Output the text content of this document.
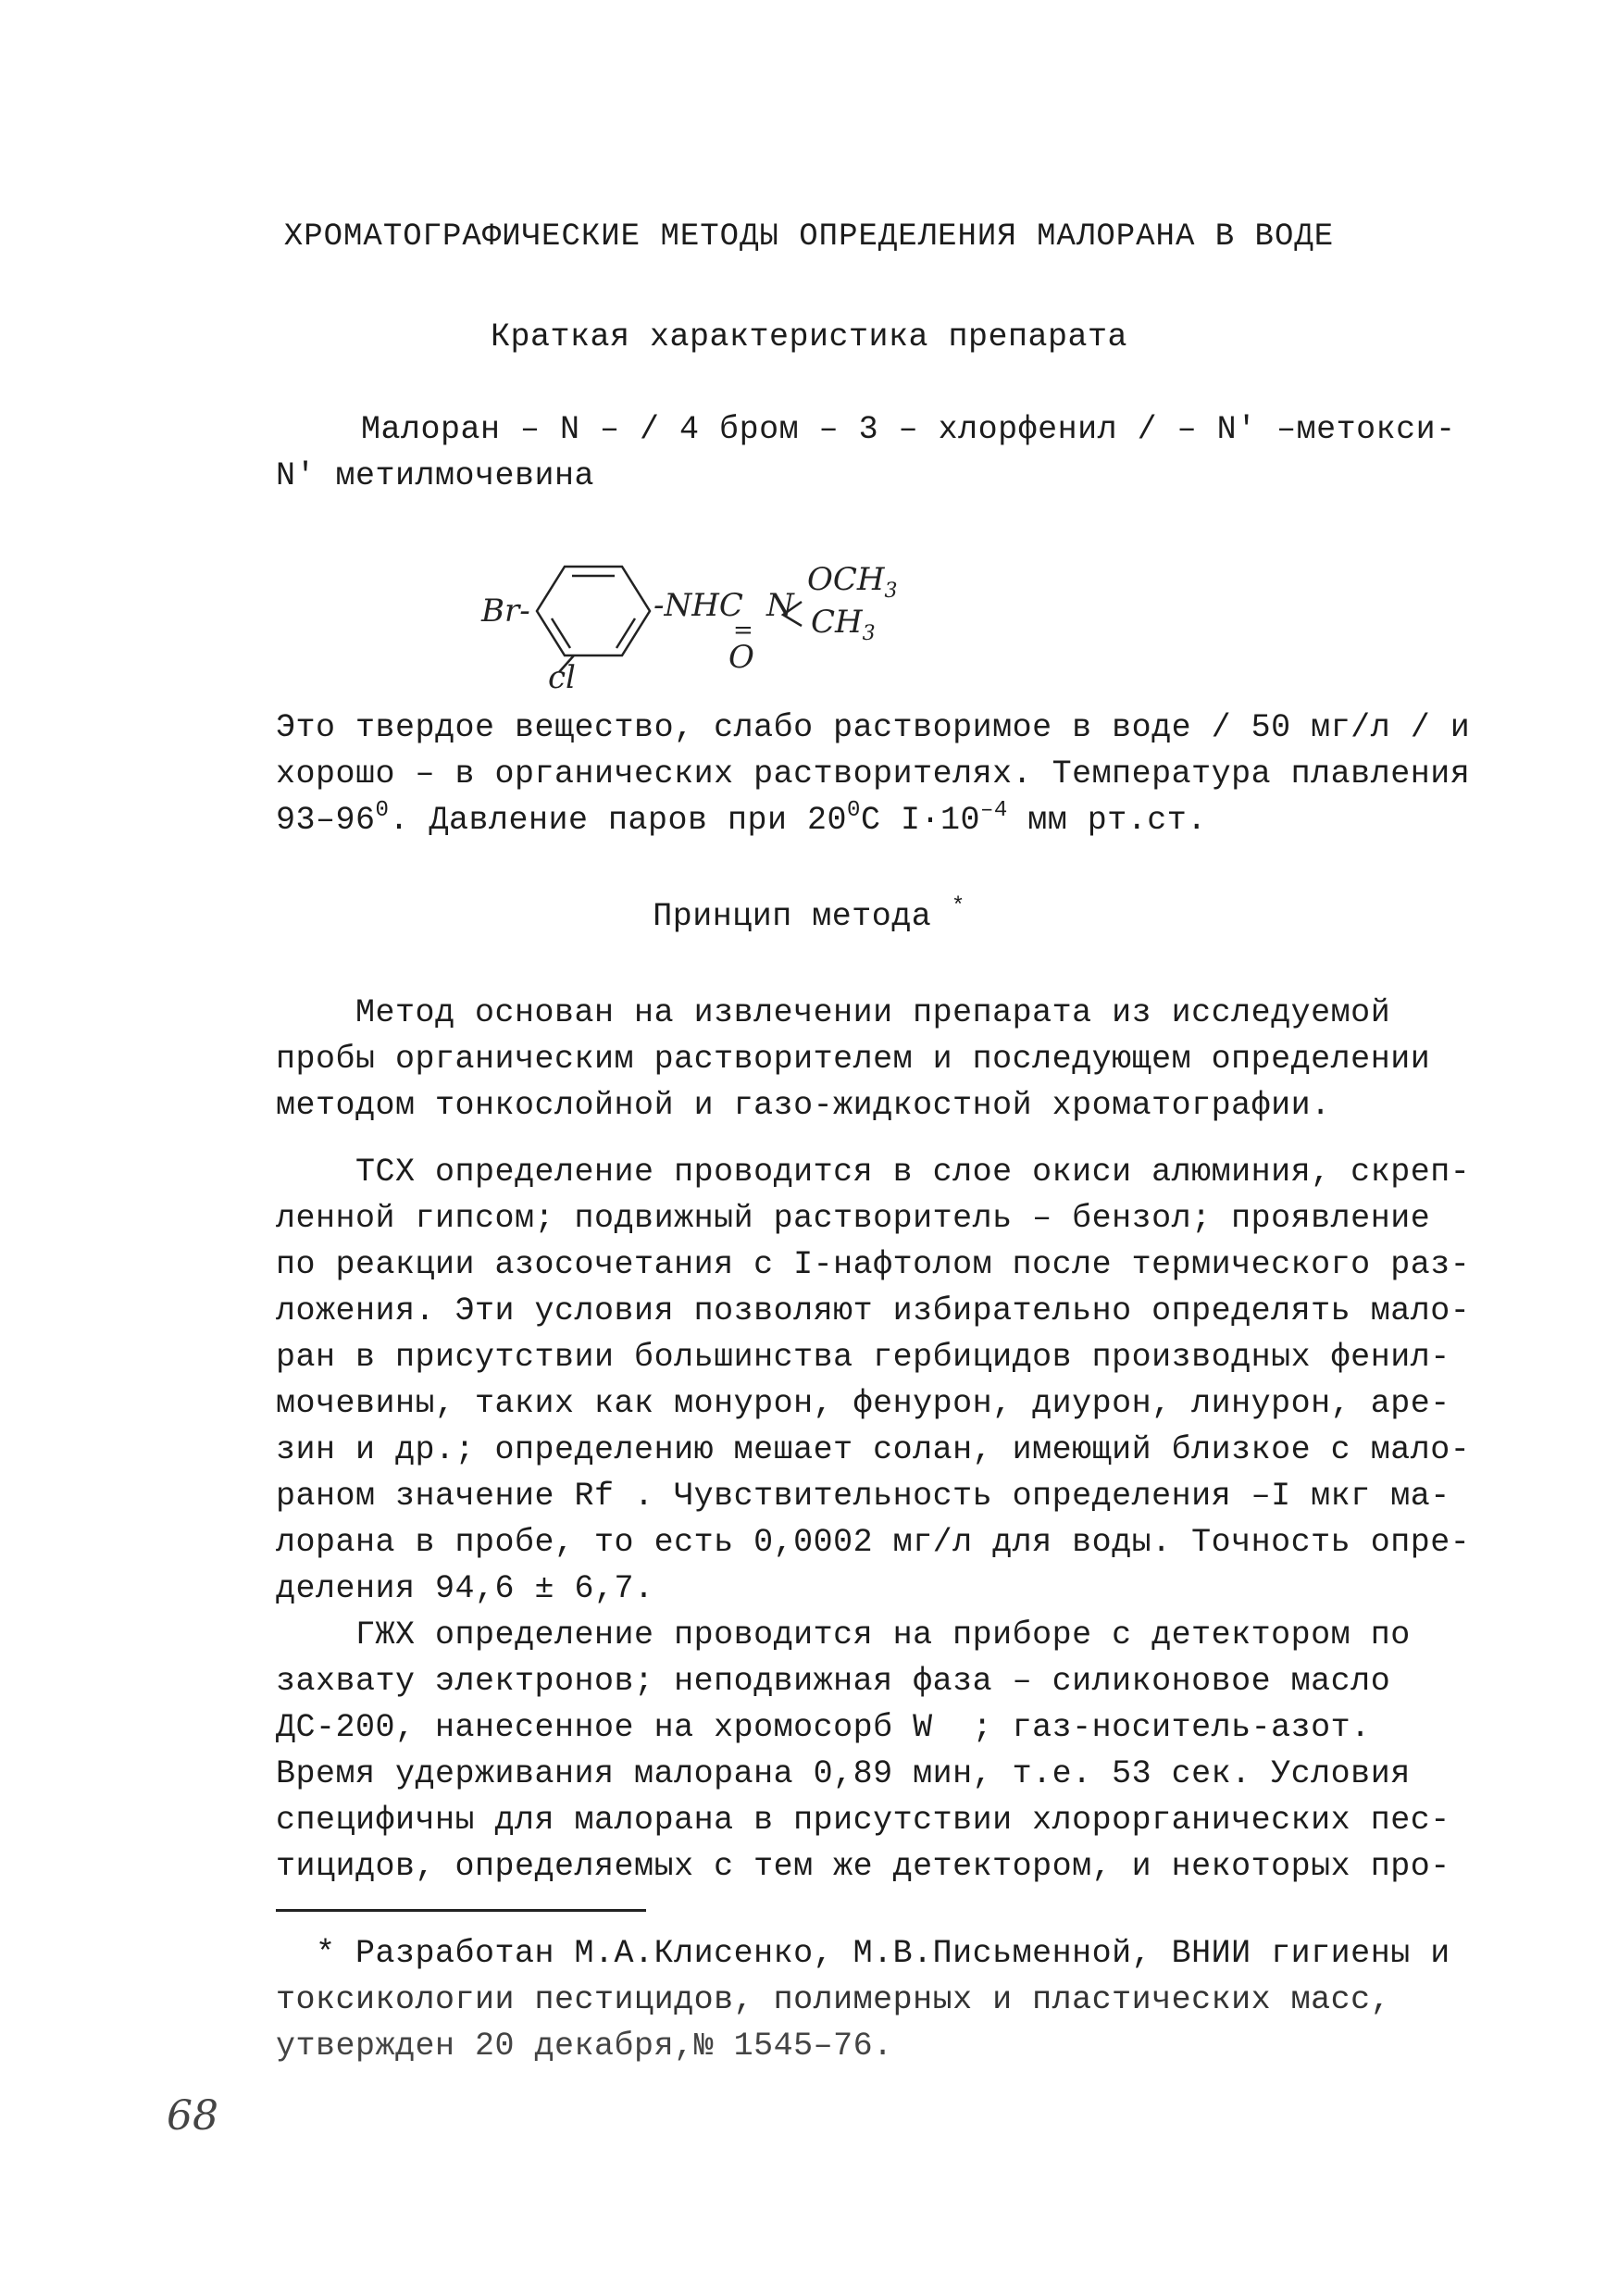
ХРОМАТОГРАФИЧЕСКИЕ МЕТОДЫ ОПРЕДЕЛЕНИЯ МАЛОРАНА В ВОДЕ
Краткая характеристика препарата
Малоран – N – / 4 бром – 3 – хлорфенил / – N′ –метокси-
N′ метилмочевина
Br-
cl
-NHC N
$OCH_3$
$CH_3$
=
O
Это твердое вещество, слабо растворимое в воде / 50 мг/л / и
хорошо – в органических растворителях. Температура плавления
$93-96^0$. Давление паров при $20^0С$ $I\cdot 10^{-4}$ мм рт.ст.
Принцип метода *
Метод основан на извлечении препарата из исследуемой
пробы органическим растворителем и последующем определении
методом тонкослойной и газо-жидкостной хроматографии.
ТСХ определение проводится в слое окиси алюминия, скреп-
ленной гипсом; подвижный растворитель – бензол; проявление
по реакции азосочетания с I-нафтолом после термического раз-
ложения. Эти условия позволяют избирательно определять мало-
ран в присутствии большинства гербицидов производных фенил-
мочевины, таких как монурон, фенурон, диурон, линурон, аре-
зин и др.; определению мешает солан, имеющий близкое с мало-
раном значение Rf . Чувствительность определения –I мкг ма-
лорана в пробе, то есть 0,0002 мг/л для воды. Точность опре-
деления 94,6 ± 6,7.
ГЖХ определение проводится на приборе с детектором по
захвату электронов; неподвижная фаза – силиконовое масло
ДС-200, нанесенное на хромосорб W  ; газ-носитель-азот.
Время удерживания малорана 0,89 мин, т.е. 53 сек. Условия
специфичны для малорана в присутствии хлорорганических пес-
тицидов, определяемых с тем же детектором, и некоторых про-
* Разработан М.А.Клисенко, М.В.Письменной, ВНИИ гигиены и
токсикологии пестицидов, полимерных и пластических масс,
утвержден 20 декабря,№ 1545–76.
68
